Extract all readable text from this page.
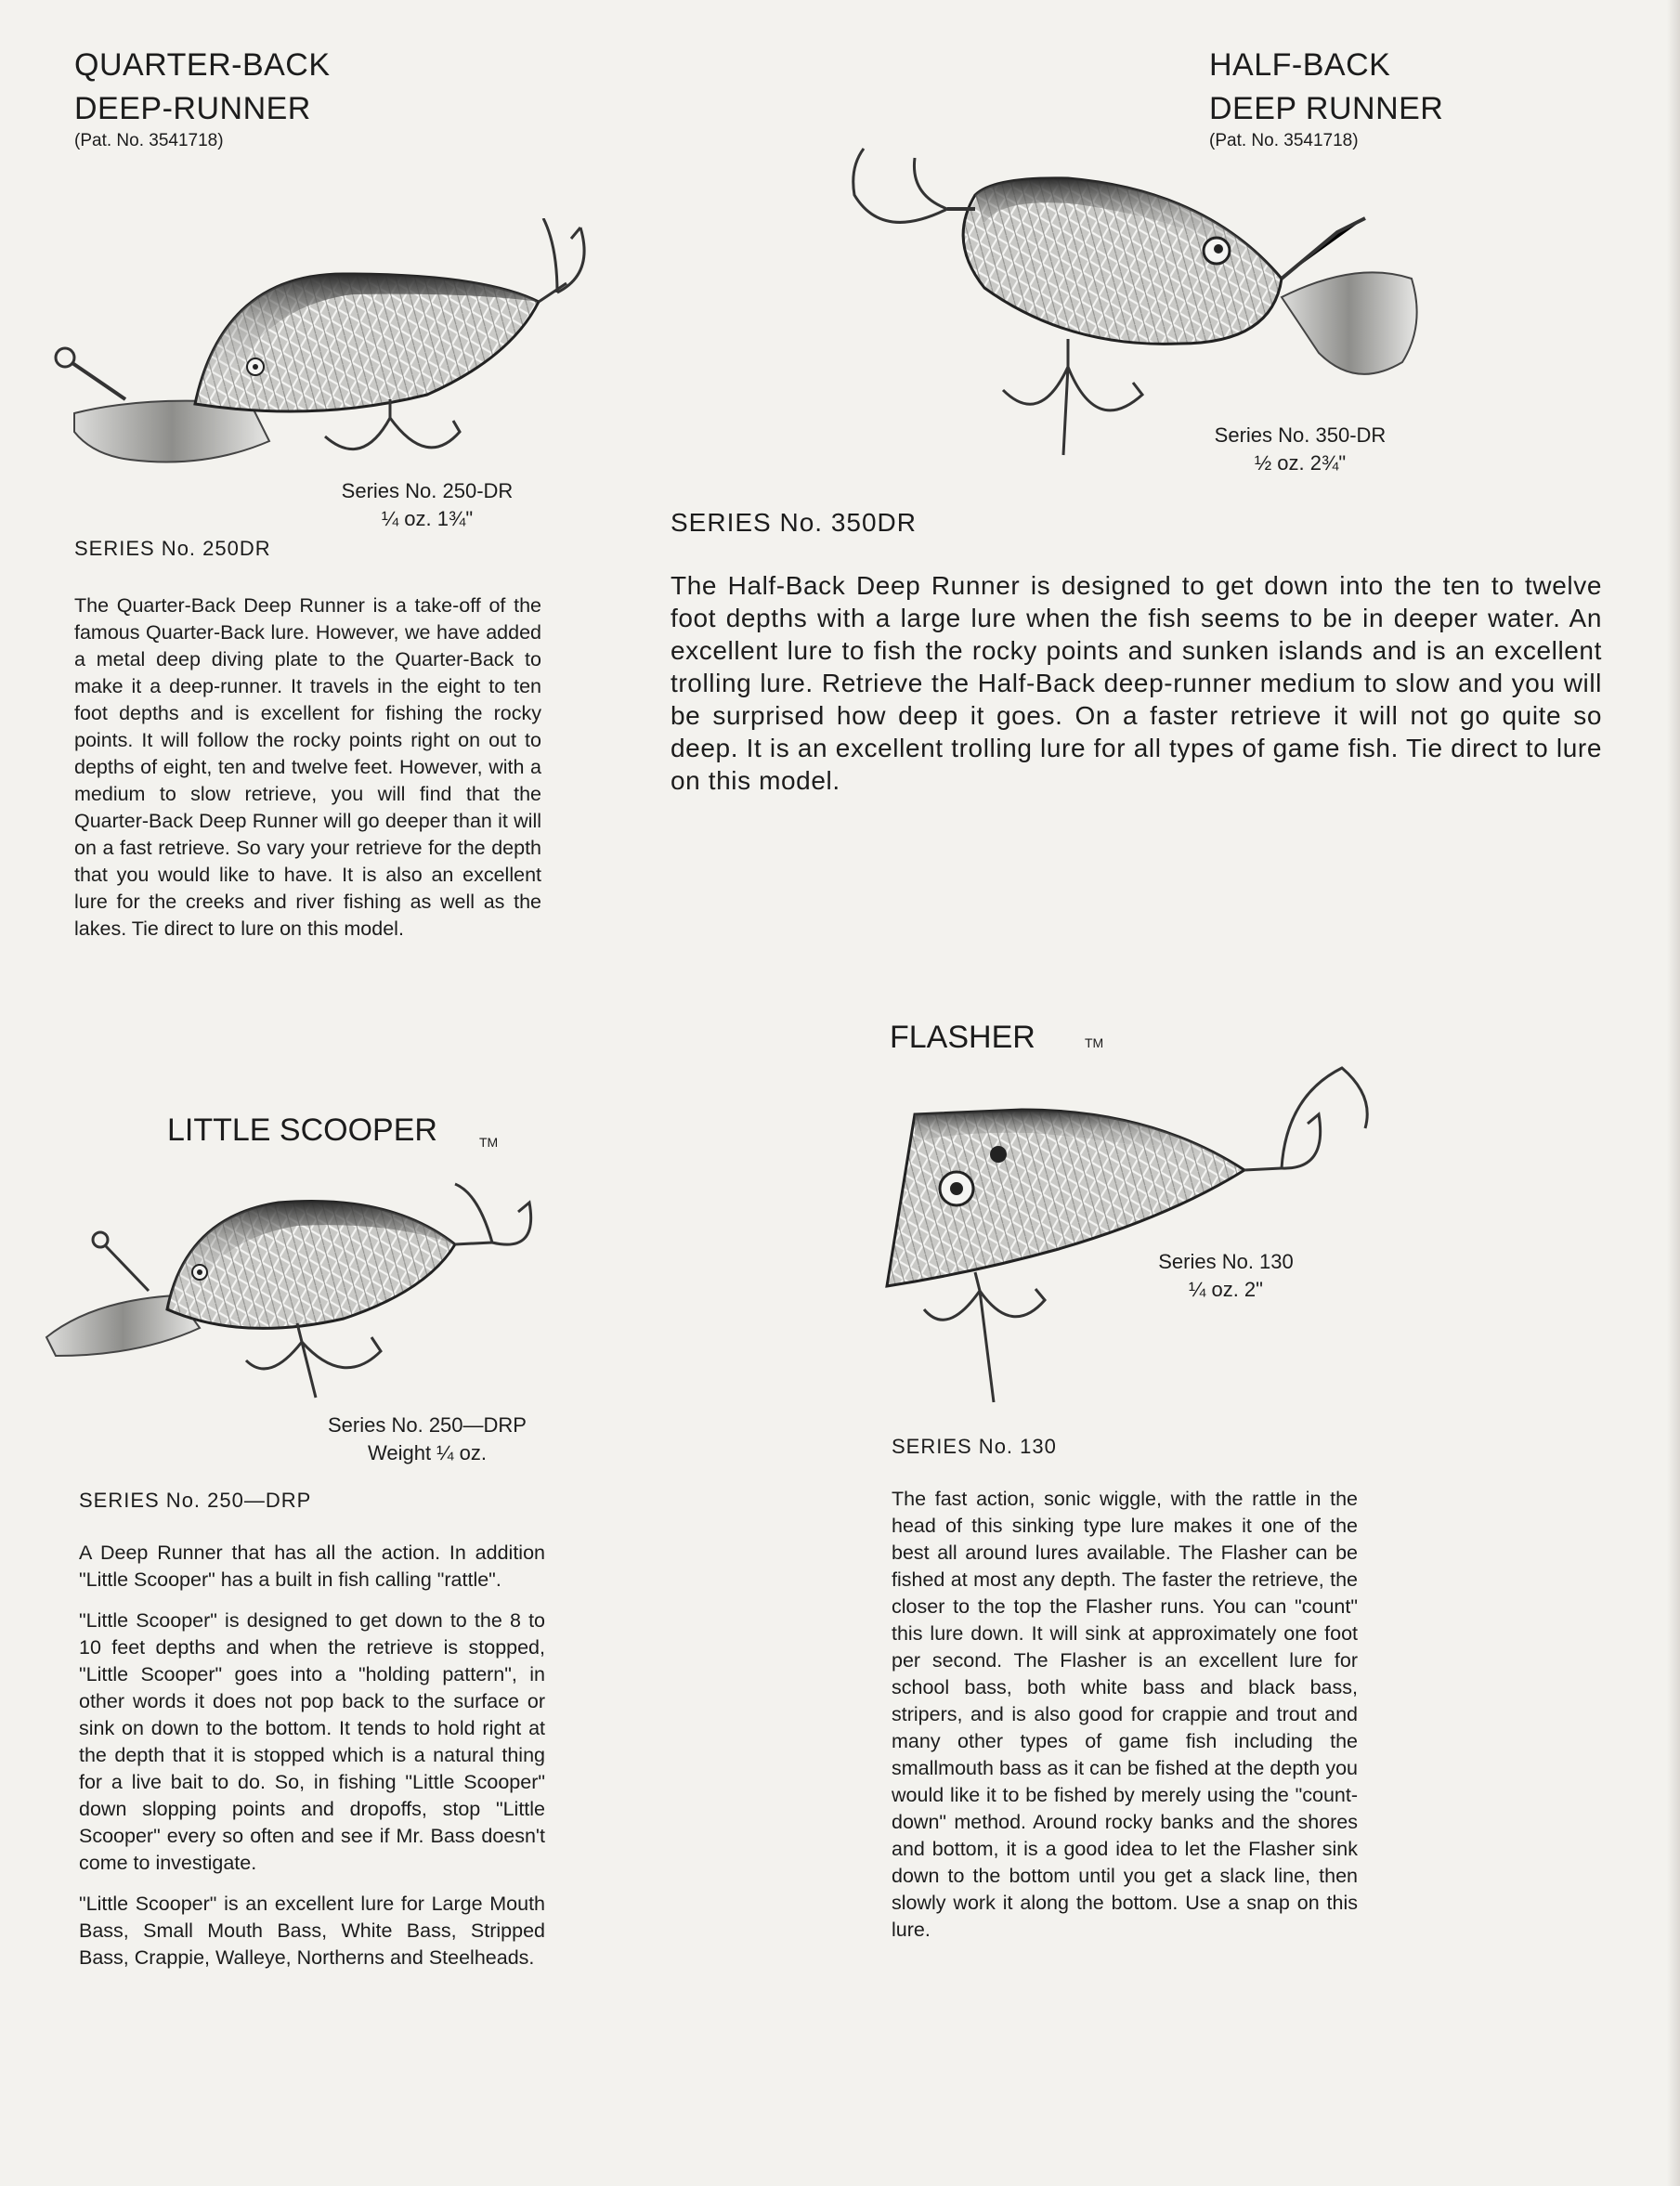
QUARTER-BACK
DEEP-RUNNER
(Pat. No. 3541718)
Series No. 250-DR
¼ oz. 1¾"
SERIES No. 250DR

The Quarter-Back Deep Runner is a take-off of the famous Quarter-Back lure. However, we have added a metal deep diving plate to the Quarter-Back to make it a deep-runner. It travels in the eight to ten foot depths and is excellent for fishing the rocky points. It will follow the rocky points right on out to depths of eight, ten and twelve feet. However, with a medium to slow retrieve, you will find that the Quarter-Back Deep Runner will go deeper than it will on a fast retrieve. So vary your retrieve for the depth that you would like to have. It is also an excellent lure for the creeks and river fishing as well as the lakes. Tie direct to lure on this model.

HALF-BACK
DEEP RUNNER
(Pat. No. 3541718)
Series No. 350-DR
½ oz. 2¾"
SERIES No. 350DR

The Half-Back Deep Runner is designed to get down into the ten to twelve foot depths with a large lure when the fish seems to be in deeper water. An excellent lure to fish the rocky points and sunken islands and is an excellent trolling lure. Retrieve the Half-Back deep-runner medium to slow and you will be surprised how deep it goes. On a faster retrieve it will not go quite so deep. It is an excellent trolling lure for all types of game fish. Tie direct to lure on this model.

LITTLE SCOOPER	TM
Series No. 250—DRP
Weight ¼ oz.
SERIES No. 250—DRP

A Deep Runner that has all the action. In addition "Little Scooper" has a built in fish calling "rattle".

"Little Scooper" is designed to get down to the 8 to 10 feet depths and when the retrieve is stopped, "Little Scooper" goes into a "holding pattern", in other words it does not pop back to the surface or sink on down to the bottom. It tends to hold right at the depth that it is stopped which is a natural thing for a live bait to do. So, in fishing "Little Scooper" down slopping points and dropoffs, stop "Little Scooper" every so often and see if Mr. Bass doesn't come to investigate.

"Little Scooper" is an excellent lure for Large Mouth Bass, Small Mouth Bass, White Bass, Stripped Bass, Crappie, Walleye, Northerns and Steelheads.

FLASHER	TM
Series No. 130
¼ oz. 2"
SERIES No. 130

The fast action, sonic wiggle, with the rattle in the head of this sinking type lure makes it one of the best all around lures available. The Flasher can be fished at most any depth. The faster the retrieve, the closer to the top the Flasher runs. You can "count" this lure down. It will sink at approximately one foot per second. The Flasher is an excellent lure for school bass, both white bass and black bass, stripers, and is also good for crappie and trout and many other types of game fish including the smallmouth bass as it can be fished at the depth you would like it to be fished by merely using the "count-down" method. Around rocky banks and the shores and bottom, it is a good idea to let the Flasher sink down to the bottom until you get a slack line, then slowly work it along the bottom. Use a snap on this lure.
